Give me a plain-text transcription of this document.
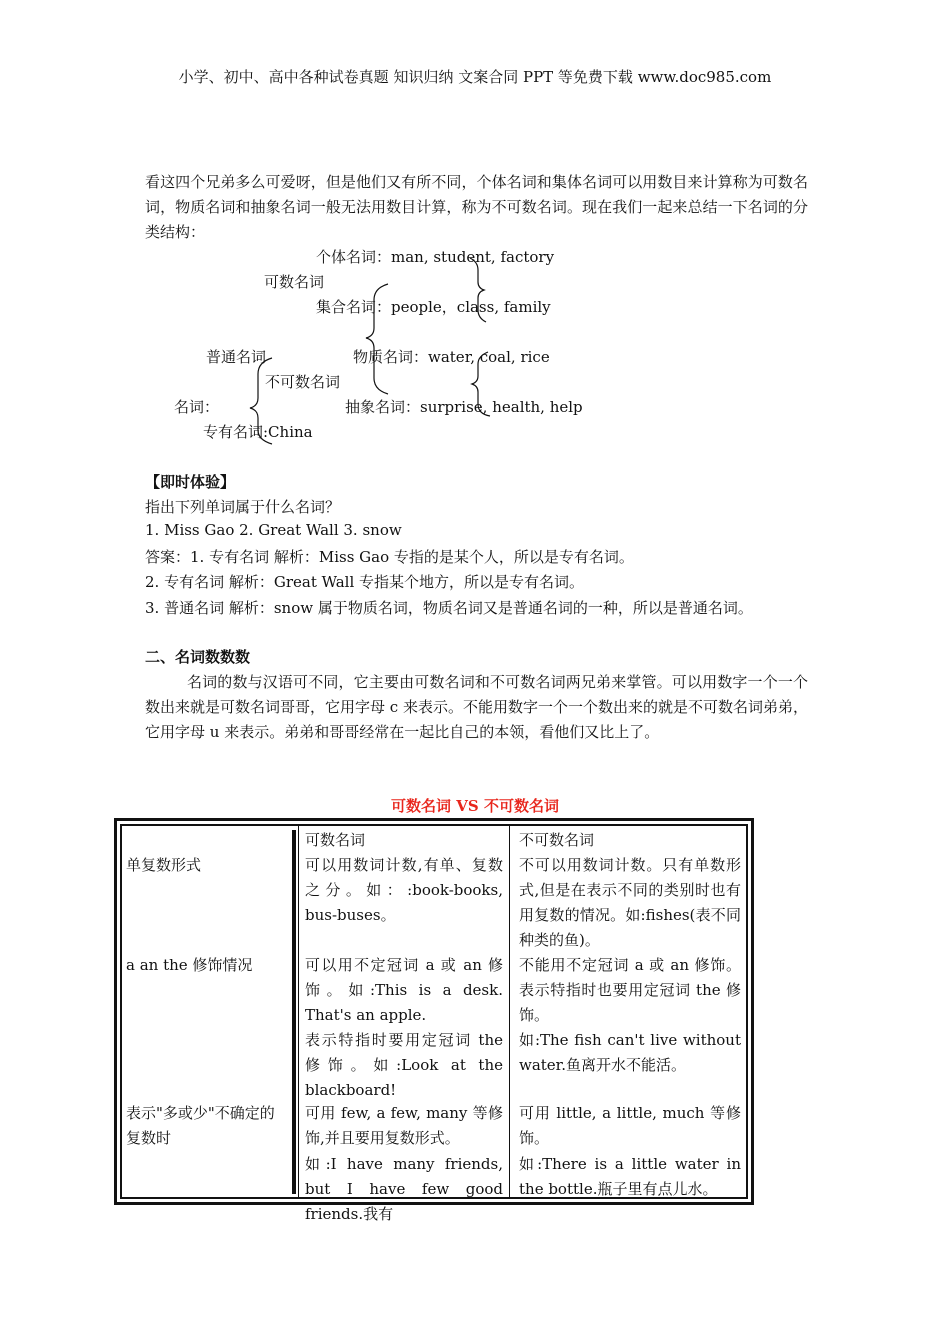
小学、初中、高中各种试卷真题 知识归纳 文案合同 PPT 等免费下载 www.doc985.com
看这四个兄弟多么可爱呀，但是他们又有所不同，个体名词和集体名词可以用数目来计算称为可数名词，物质名词和抽象名词一般无法用数目计算，称为不可数名词。现在我们一起来总结一下名词的分类结构：
个体名词：man, student, factory
可数名词
集合名词：people，class, family
普通名词	物质名词：water, coal, rice
不可数名词
名词：	抽象名词：surprise, health, help
专有名词:China
【即时体验】
指出下列单词属于什么名词？
1. Miss Gao 2. Great Wall 3. snow
答案：1. 专有名词 解析：Miss Gao 专指的是某个人，所以是专有名词。
2. 专有名词 解析：Great Wall 专指某个地方，所以是专有名词。
3. 普通名词 解析：snow 属于物质名词，物质名词又是普通名词的一种，所以是普通名词。
二、名词数数数
名词的数与汉语可不同，它主要由可数名词和不可数名词两兄弟来掌管。可以用数字一个一个数出来就是可数名词哥哥，它用字母 c 来表示。不能用数字一个一个数出来的就是不可数名词弟弟，它用字母 u 来表示。弟弟和哥哥经常在一起比自己的本领，看他们又比上了。
可数名词 VS 不可数名词
单复数形式
a an the 修饰情况
表示"多或少"不确定的复数时
可数名词
可以用数词计数,有单、复数之分。如：:book-books, bus-buses。
可以用不定冠词 a 或 an 修饰。如:This is a desk. That's an apple.
表示特指时要用定冠词 the 修饰。如:Look at the blackboard!
可用 few, a few, many 等修饰,并且要用复数形式。
如:I have many friends, but I have few good friends.我有
不可数名词
不可以用数词计数。只有单数形式,但是在表示不同的类别时也有用复数的情况。如:fishes(表不同种类的鱼)。
不能用不定冠词 a 或 an 修饰。表示特指时也要用定冠词 the 修饰。
如:The fish can't live without water.鱼离开水不能活。
可用 little, a little, much 等修饰。
如:There is a little water in the bottle.瓶子里有点儿水。
